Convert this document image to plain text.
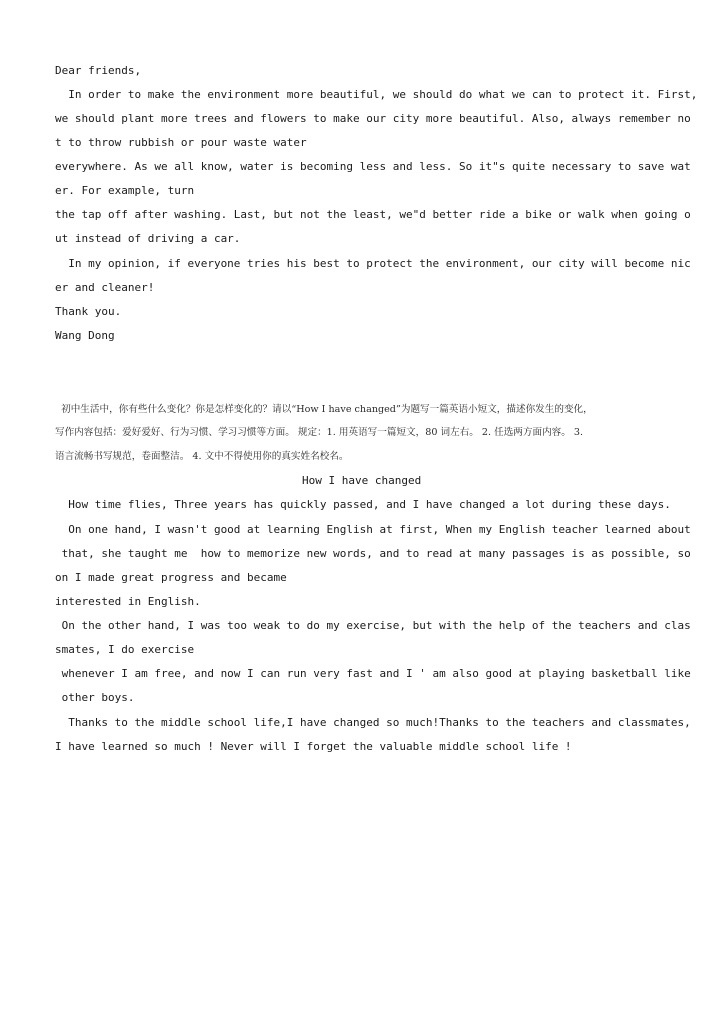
Dear friends,
In order to make the environment more beautiful, we should do what we can to protect it. First,
we should plant more trees and flowers to make our city more beautiful. Also, always remember no
t to throw rubbish or pour waste water
everywhere. As we all know, water is becoming less and less. So it"s quite necessary to save wat
er. For example, turn
the tap off after washing. Last, but not the least, we"d better ride a bike or walk when going o
ut instead of driving a car.
In my opinion, if everyone tries his best to protect the environment, our city will become nic
er and cleaner!
Thank you.
Wang Dong
初中生活中，你有些什么变化？你是怎样变化的？请以“How I have changed”为题写一篇英语小短文，描述你发生的变化，
写作内容包括：爱好爱好、行为习惯、学习习惯等方面。 规定：1. 用英语写一篇短文，80 词左右。 2. 任选两方面内容。 3.
语言流畅书写规范，卷面整洁。 4. 文中不得使用你的真实姓名校名。
How I have changed
How time flies, Three years has quickly passed, and I have changed a lot during these days.
On one hand, I wasn't good at learning English at first, When my English teacher learned about
that, she taught me  how to memorize new words, and to read at many passages is as possible, so
on I made great progress and became
interested in English.
On the other hand, I was too weak to do my exercise, but with the help of the teachers and clas
smates, I do exercise
whenever I am free, and now I can run very fast and I ' am also good at playing basketball like
other boys.
Thanks to the middle school life,I have changed so much!Thanks to the teachers and classmates,
I have learned so much ! Never will I forget the valuable middle school life !
